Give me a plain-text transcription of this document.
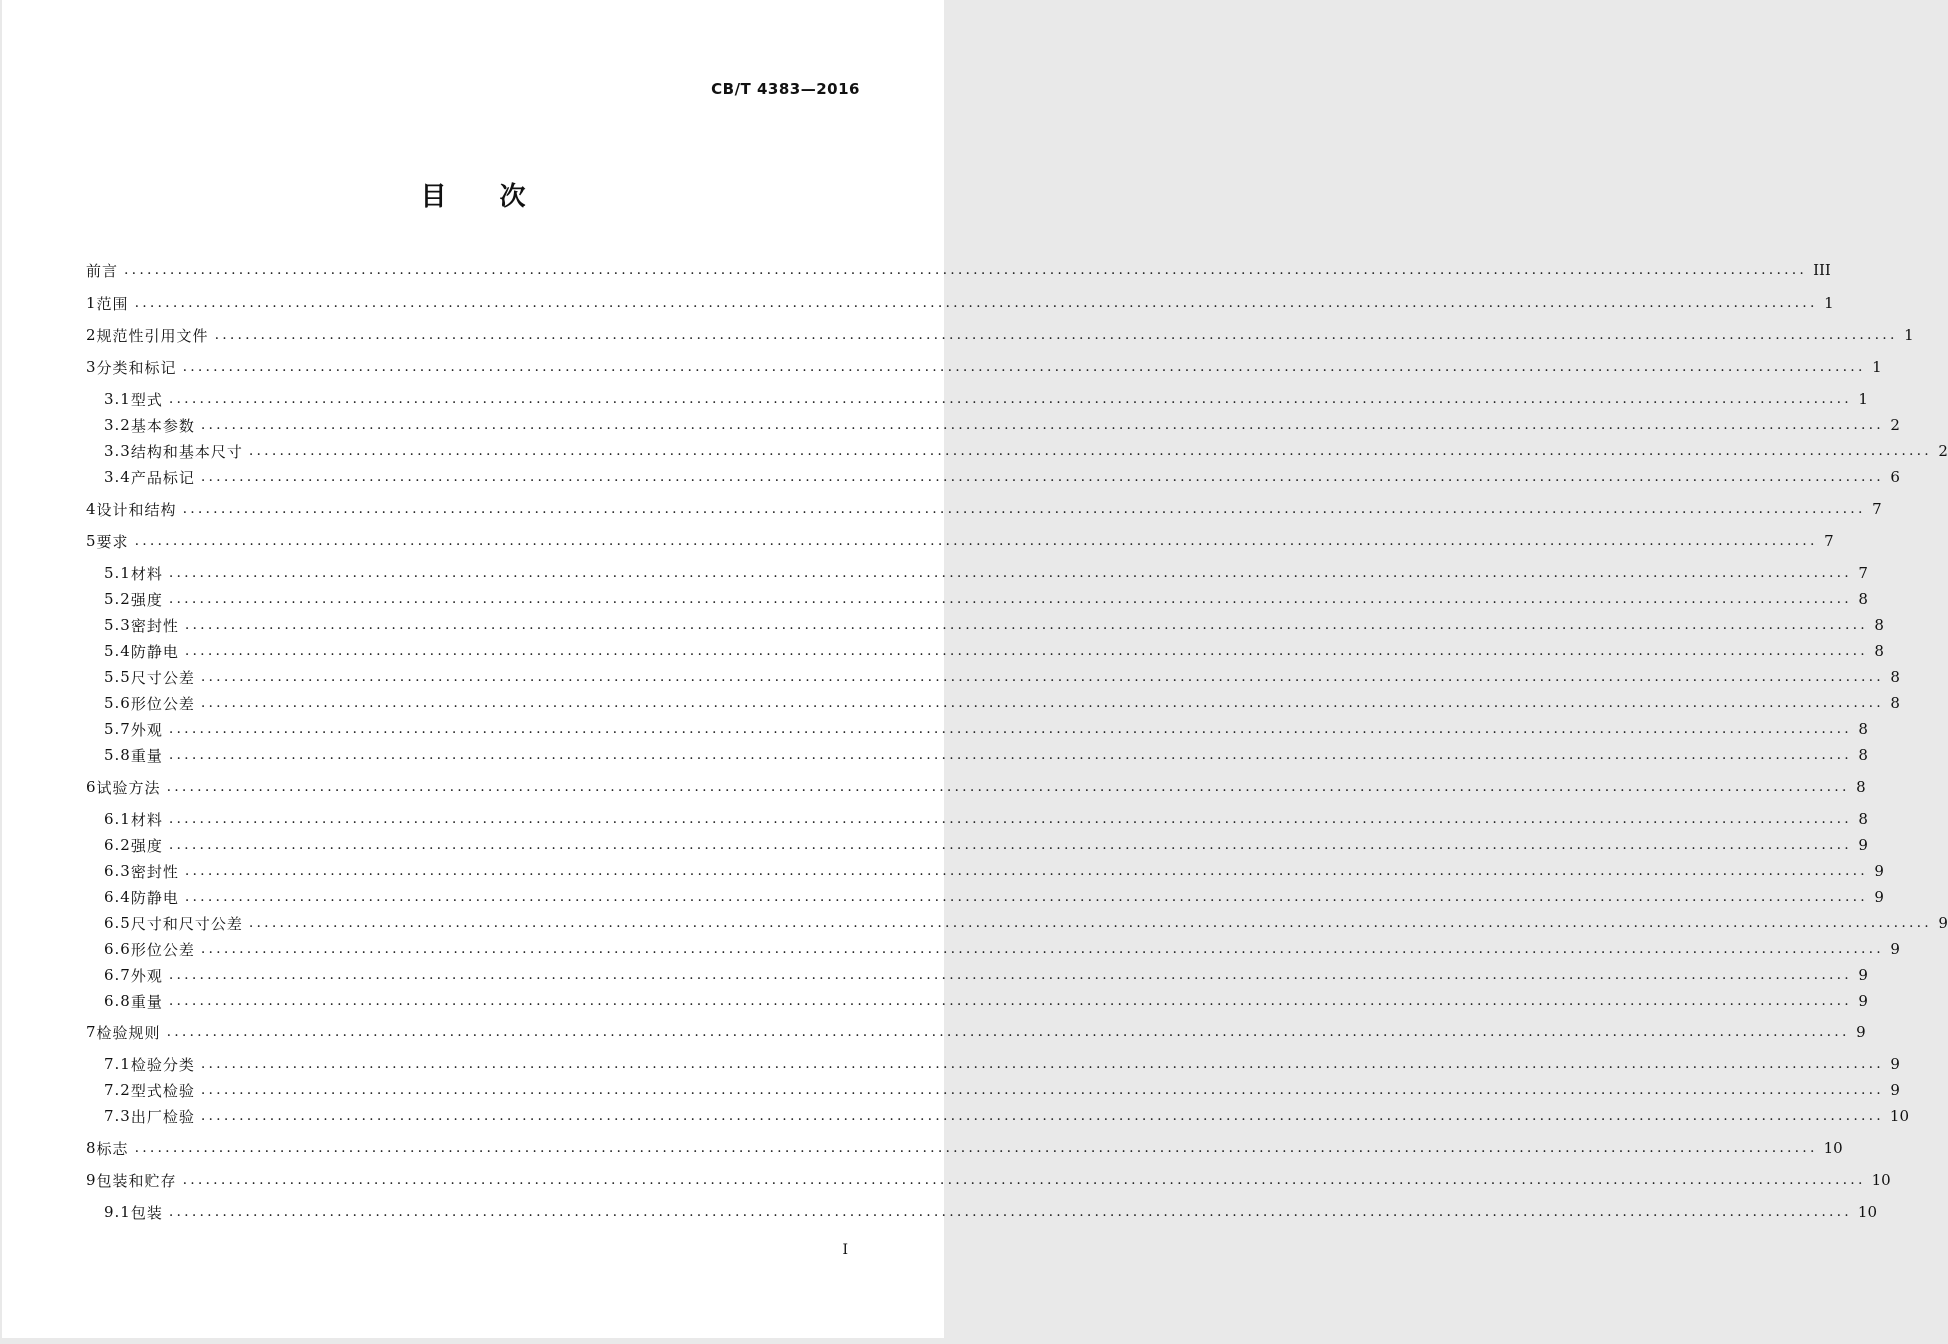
CB/T 4383—2016
目 次
前言 ............................................................................................................................................................................................................................ III
1 范围 ............................................................................................................................................................................................................................ 1
2 规范性引用文件 ............................................................................................................................................................................................................................ 1
3 分类和标记 ............................................................................................................................................................................................................................ 1
3.1 型式 ............................................................................................................................................................................................................................ 1
3.2 基本参数 ............................................................................................................................................................................................................................ 2
3.3 结构和基本尺寸 ............................................................................................................................................................................................................................ 2
3.4 产品标记 ............................................................................................................................................................................................................................ 6
4 设计和结构 ............................................................................................................................................................................................................................ 7
5 要求 ............................................................................................................................................................................................................................ 7
5.1 材料 ............................................................................................................................................................................................................................ 7
5.2 强度 ............................................................................................................................................................................................................................ 8
5.3 密封性 ............................................................................................................................................................................................................................ 8
5.4 防静电 ............................................................................................................................................................................................................................ 8
5.5 尺寸公差 ............................................................................................................................................................................................................................ 8
5.6 形位公差 ............................................................................................................................................................................................................................ 8
5.7 外观 ............................................................................................................................................................................................................................ 8
5.8 重量 ............................................................................................................................................................................................................................ 8
6 试验方法 ............................................................................................................................................................................................................................ 8
6.1 材料 ............................................................................................................................................................................................................................ 8
6.2 强度 ............................................................................................................................................................................................................................ 9
6.3 密封性 ............................................................................................................................................................................................................................ 9
6.4 防静电 ............................................................................................................................................................................................................................ 9
6.5 尺寸和尺寸公差 ............................................................................................................................................................................................................................ 9
6.6 形位公差 ............................................................................................................................................................................................................................ 9
6.7 外观 ............................................................................................................................................................................................................................ 9
6.8 重量 ............................................................................................................................................................................................................................ 9
7 检验规则 ............................................................................................................................................................................................................................ 9
7.1 检验分类 ............................................................................................................................................................................................................................ 9
7.2 型式检验 ............................................................................................................................................................................................................................ 9
7.3 出厂检验 ............................................................................................................................................................................................................................ 10
8 标志 ............................................................................................................................................................................................................................ 10
9 包装和贮存 ............................................................................................................................................................................................................................ 10
9.1 包装 ............................................................................................................................................................................................................................ 10
I
